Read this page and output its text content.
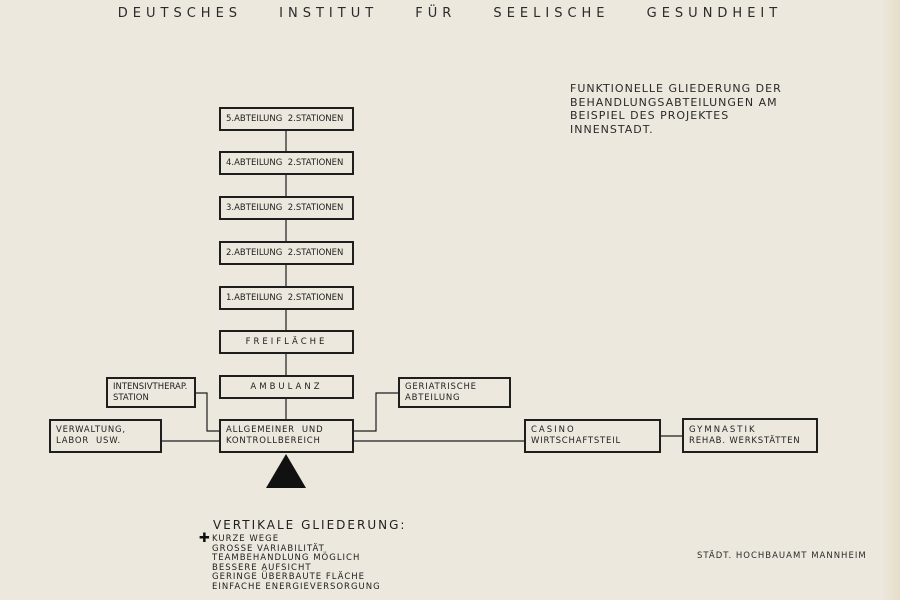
DEUTSCHES INSTITUT FÜR SEELISCHE GESUNDHEIT
FUNKTIONELLE GLIEDERUNG DER
BEHANDLUNGSABTEILUNGEN AM
BEISPIEL DES PROJEKTES
INNENSTADT.
5.ABTEILUNG  2.STATIONEN
4.ABTEILUNG  2.STATIONEN
3.ABTEILUNG  2.STATIONEN
2.ABTEILUNG  2.STATIONEN
1.ABTEILUNG  2.STATIONEN
FREIFLÄCHE
AMBULANZ
INTENSIVTHERAP.
STATION
GERIATRISCHE
ABTEILUNG
ALLGEMEINER  UND
KONTROLLBEREICH
VERWALTUNG,
LABOR  USW.
CASINO
WIRTSCHAFTSTEIL
GYMNASTIK
REHAB. WERKSTÄTTEN
VERTIKALE GLIEDERUNG:
✚ KURZE WEGE
GROSSE VARIABILITÄT
TEAMBEHANDLUNG MÖGLICH
BESSERE AUFSICHT
GERINGE ÜBERBAUTE FLÄCHE
EINFACHE ENERGIEVERSORGUNG
STÄDT. HOCHBAUAMT MANNHEIM
